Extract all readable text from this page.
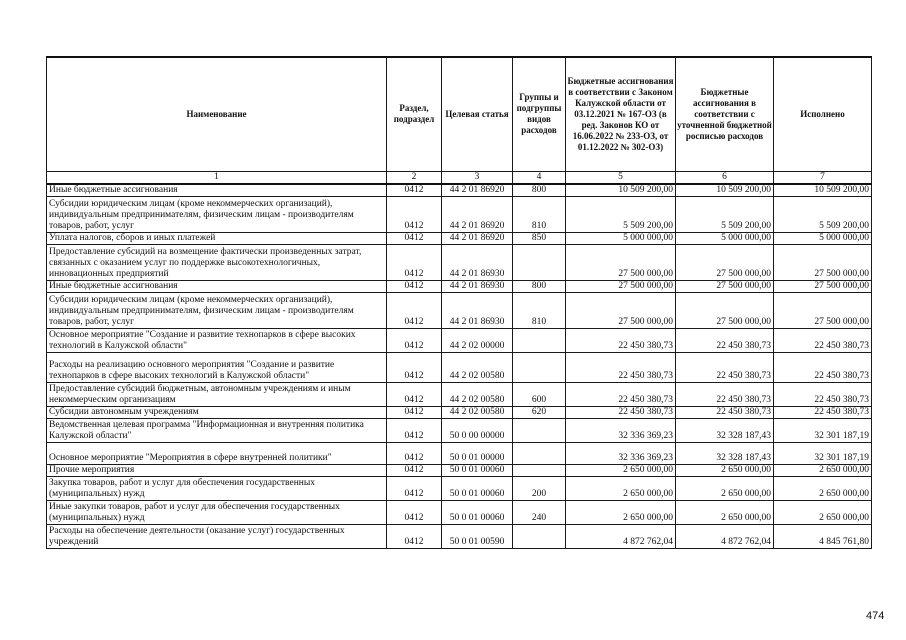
Наименование	Раздел, подраздел	Целевая статья	Группы и подгруппы видов расходов	Бюджетные ассигнования в соответствии с Законом Калужской области от 03.12.2021 № 167-ОЗ (в ред. Законов КО от 16.06.2022 № 233-ОЗ, от 01.12.2022 № 302-ОЗ)	Бюджетные ассигнования в соответствии с уточненной бюджетной росписью расходов	Исполнено
1	2	3	4	5	6	7
Иные бюджетные ассигнования	0412	44 2 01 86920	800	10 509 200,00	10 509 200,00	10 509 200,00
Субсидии юридическим лицам (кроме некоммерческих организаций), индивидуальным предпринимателям, физическим лицам - производителям товаров, работ, услуг	0412	44 2 01 86920	810	5 509 200,00	5 509 200,00	5 509 200,00
Уплата налогов, сборов и иных платежей	0412	44 2 01 86920	850	5 000 000,00	5 000 000,00	5 000 000,00
Предоставление субсидий на возмещение фактически произведенных затрат, связанных с оказанием услуг по поддержке высокотехнологичных, инновационных предприятий	0412	44 2 01 86930		27 500 000,00	27 500 000,00	27 500 000,00
Иные бюджетные ассигнования	0412	44 2 01 86930	800	27 500 000,00	27 500 000,00	27 500 000,00
Субсидии юридическим лицам (кроме некоммерческих организаций), индивидуальным предпринимателям, физическим лицам - производителям товаров, работ, услуг	0412	44 2 01 86930	810	27 500 000,00	27 500 000,00	27 500 000,00
Основное мероприятие "Создание и развитие технопарков в сфере высоких технологий в Калужской области"	0412	44 2 02 00000		22 450 380,73	22 450 380,73	22 450 380,73
Расходы на реализацию основного мероприятия "Создание и развитие технопарков в сфере высоких технологий в Калужской области"	0412	44 2 02 00580		22 450 380,73	22 450 380,73	22 450 380,73
Предоставление субсидий бюджетным, автономным учреждениям и иным некоммерческим организациям	0412	44 2 02 00580	600	22 450 380,73	22 450 380,73	22 450 380,73
Субсидии автономным учреждениям	0412	44 2 02 00580	620	22 450 380,73	22 450 380,73	22 450 380,73
Ведомственная целевая программа "Информационная и внутренняя политика Калужской области"	0412	50 0 00 00000		32 336 369,23	32 328 187,43	32 301 187,19
Основное мероприятие "Мероприятия в сфере внутренней политики"	0412	50 0 01 00000		32 336 369,23	32 328 187,43	32 301 187,19
Прочие мероприятия	0412	50 0 01 00060		2 650 000,00	2 650 000,00	2 650 000,00
Закупка товаров, работ и услуг для обеспечения государственных (муниципальных) нужд	0412	50 0 01 00060	200	2 650 000,00	2 650 000,00	2 650 000,00
Иные закупки товаров, работ и услуг для обеспечения государственных (муниципальных) нужд	0412	50 0 01 00060	240	2 650 000,00	2 650 000,00	2 650 000,00
Расходы на обеспечение деятельности (оказание услуг) государственных учреждений	0412	50 0 01 00590		4 872 762,04	4 872 762,04	4 845 761,80
474
